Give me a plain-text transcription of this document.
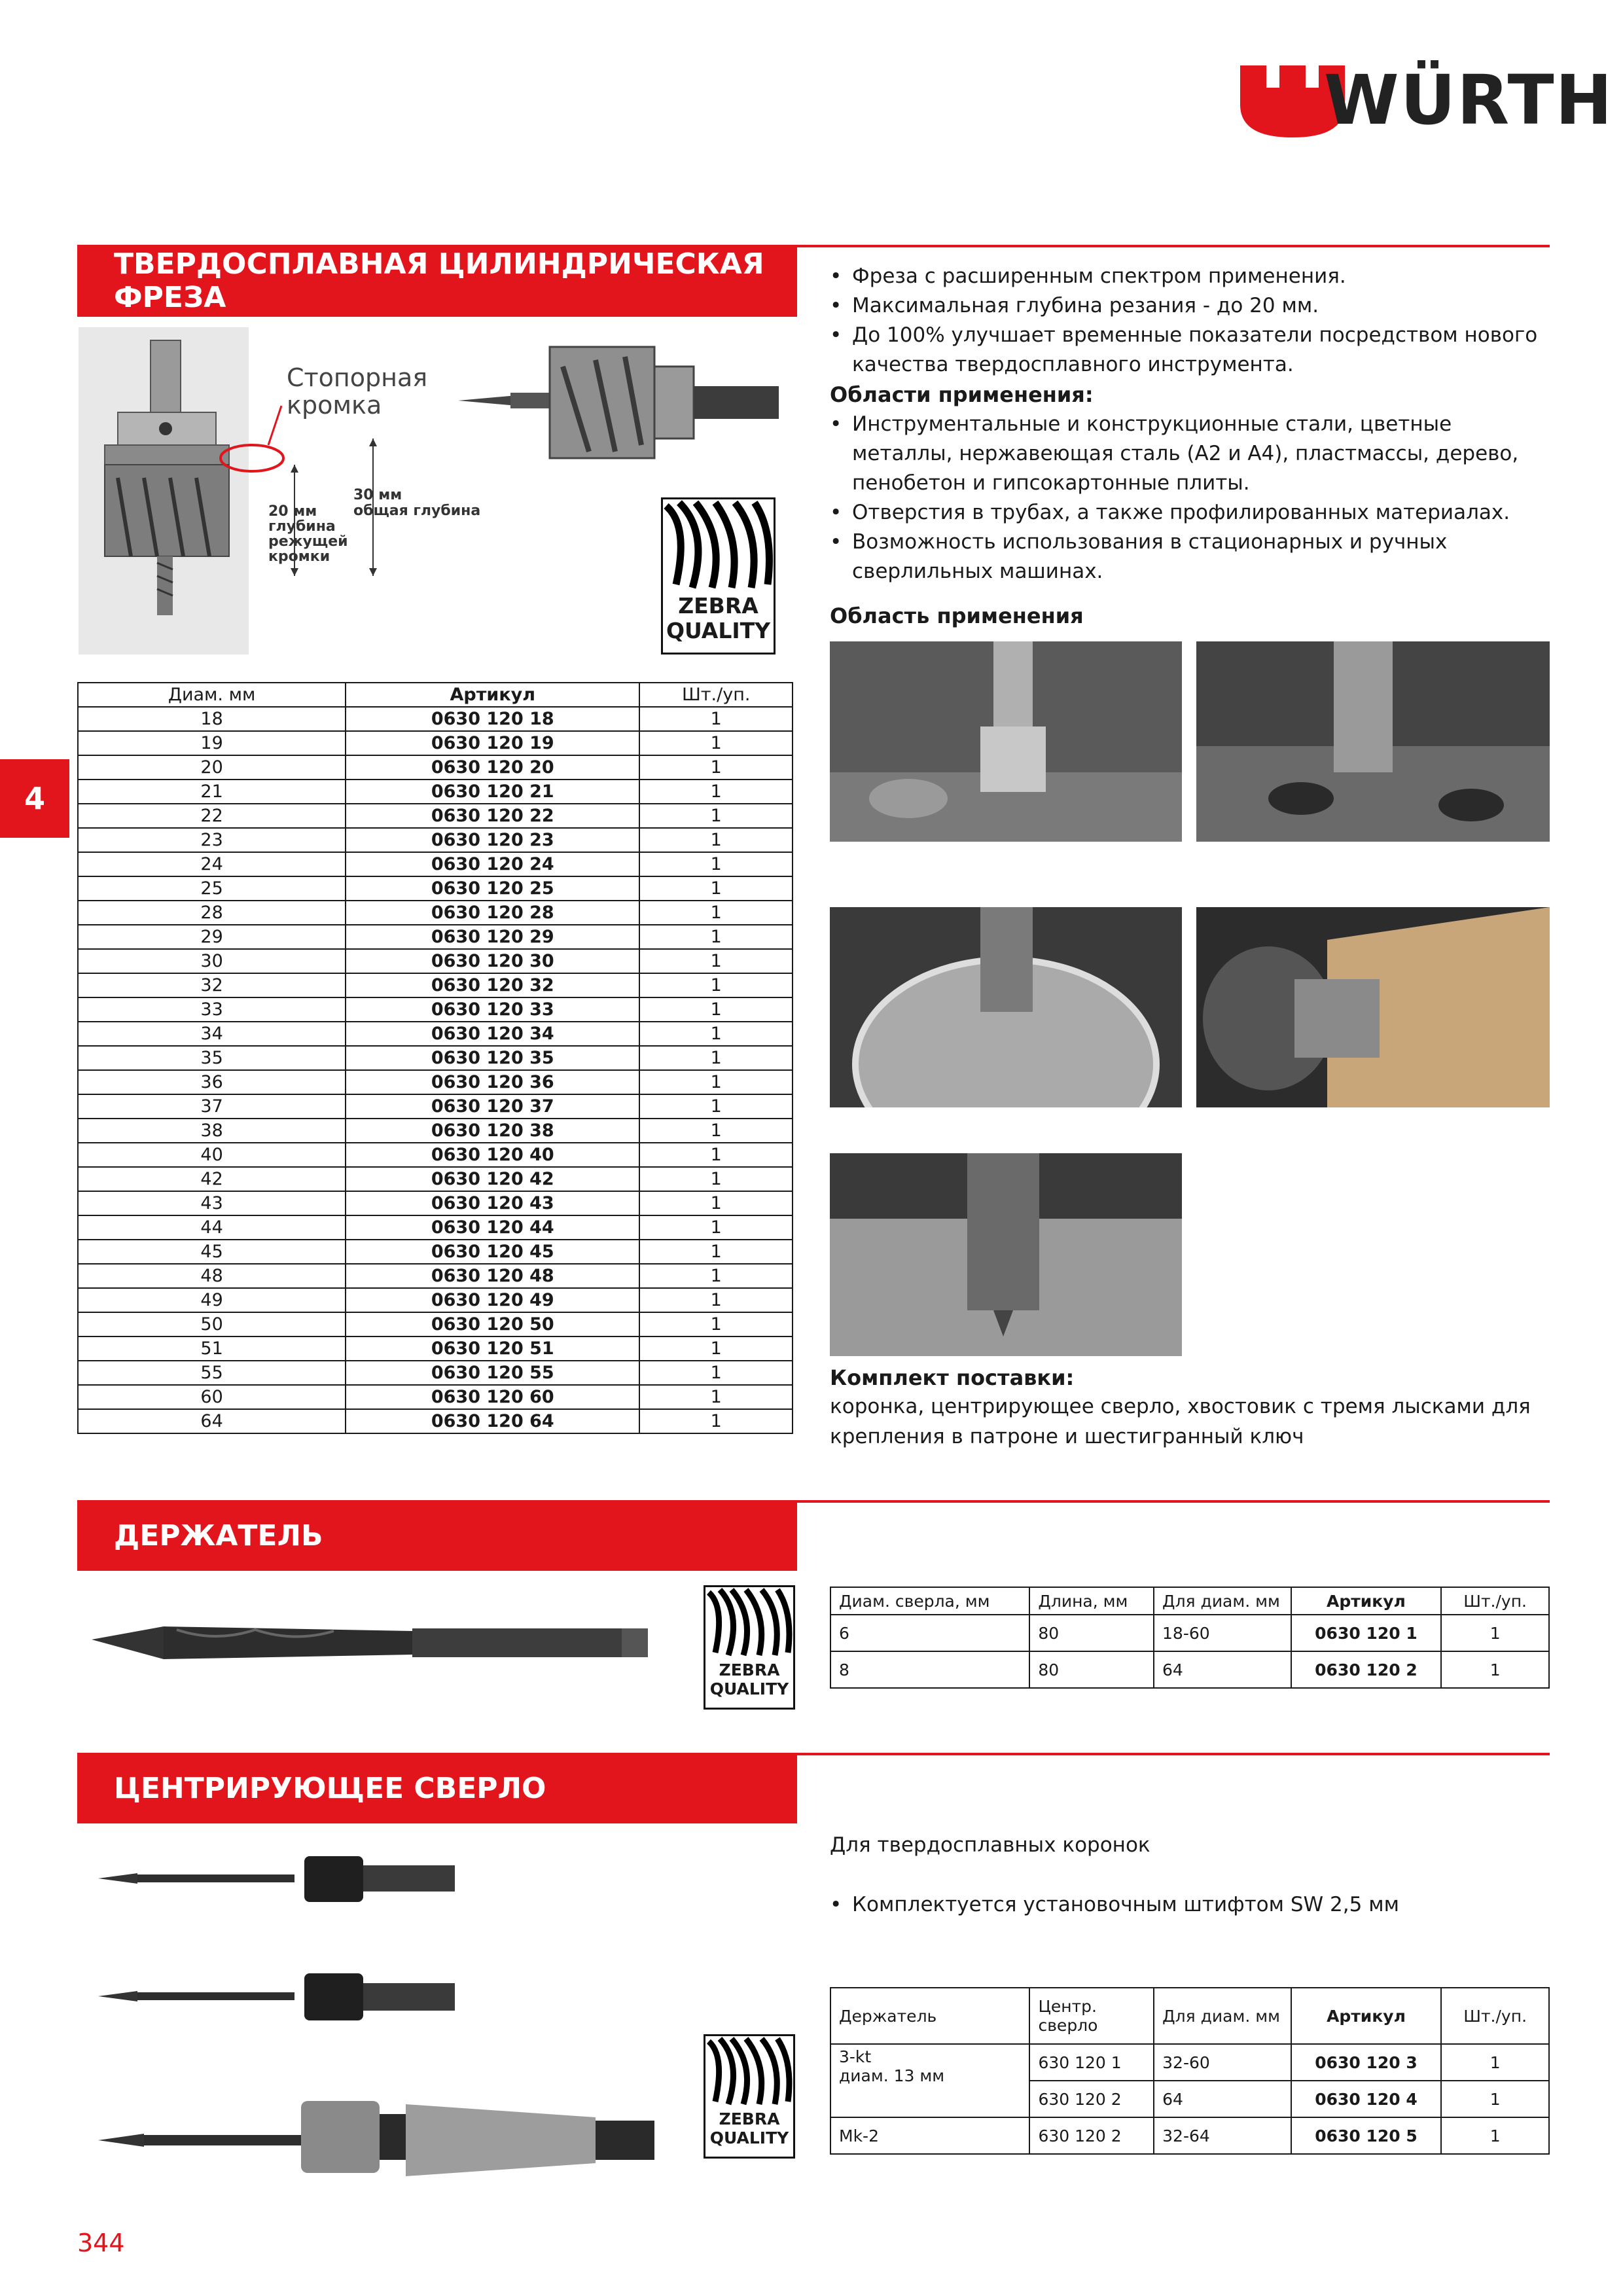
WÜRTH
4
ТВЕРДОСПЛАВНАЯ ЦИЛИНДРИЧЕСКАЯ ФРЕЗА
Стопорная
кромка
20 мм
глубина
режущей
кромки
30 мм
общая глубина
ZEBRA
QUALITY
• Фреза с расширенным спектром применения.
• Максимальная глубина резания - до 20 мм.
• До 100% улучшает временные показатели посредством нового качества твердосплавного инструмента.
Области применения:
• Инструментальные и конструкционные стали, цветные металлы, нержавеющая сталь (А2 и А4), пластмассы, дерево, пенобетон и гипсокартонные плиты.
• Отверстия в трубах, а также профилированных материалах.
• Возможность использования в стационарных и ручных сверлильных машинах.
Область применения
Комплект поставки:
коронка, центрирующее сверло, хвостовик с тремя лысками для крепления в патроне и шестигранный ключ
Диам. мм	Артикул	Шт./уп.
18	0630 120 18	1
19	0630 120 19	1
20	0630 120 20	1
21	0630 120 21	1
22	0630 120 22	1
23	0630 120 23	1
24	0630 120 24	1
25	0630 120 25	1
28	0630 120 28	1
29	0630 120 29	1
30	0630 120 30	1
32	0630 120 32	1
33	0630 120 33	1
34	0630 120 34	1
35	0630 120 35	1
36	0630 120 36	1
37	0630 120 37	1
38	0630 120 38	1
40	0630 120 40	1
42	0630 120 42	1
43	0630 120 43	1
44	0630 120 44	1
45	0630 120 45	1
48	0630 120 48	1
49	0630 120 49	1
50	0630 120 50	1
51	0630 120 51	1
55	0630 120 55	1
60	0630 120 60	1
64	0630 120 64	1
ДЕРЖАТЕЛЬ
ZEBRA
QUALITY
Диам. сверла, мм	Длина, мм	Для диам. мм	Артикул	Шт./уп.
6	80	18-60	0630 120 1	1
8	80	64	0630 120 2	1
ЦЕНТРИРУЮЩЕЕ СВЕРЛО
ZEBRA
QUALITY
Для твердосплавных коронок
• Комплектуется установочным штифтом SW 2,5 мм
Держатель	Центр. сверло	Для диам. мм	Артикул	Шт./уп.

3-kt
диам. 13 мм	630 120 1	32-60	0630 120 3	1
	630 120 2	64	0630 120 4	1
Mk-2	630 120 2	32-64	0630 120 5	1
344
